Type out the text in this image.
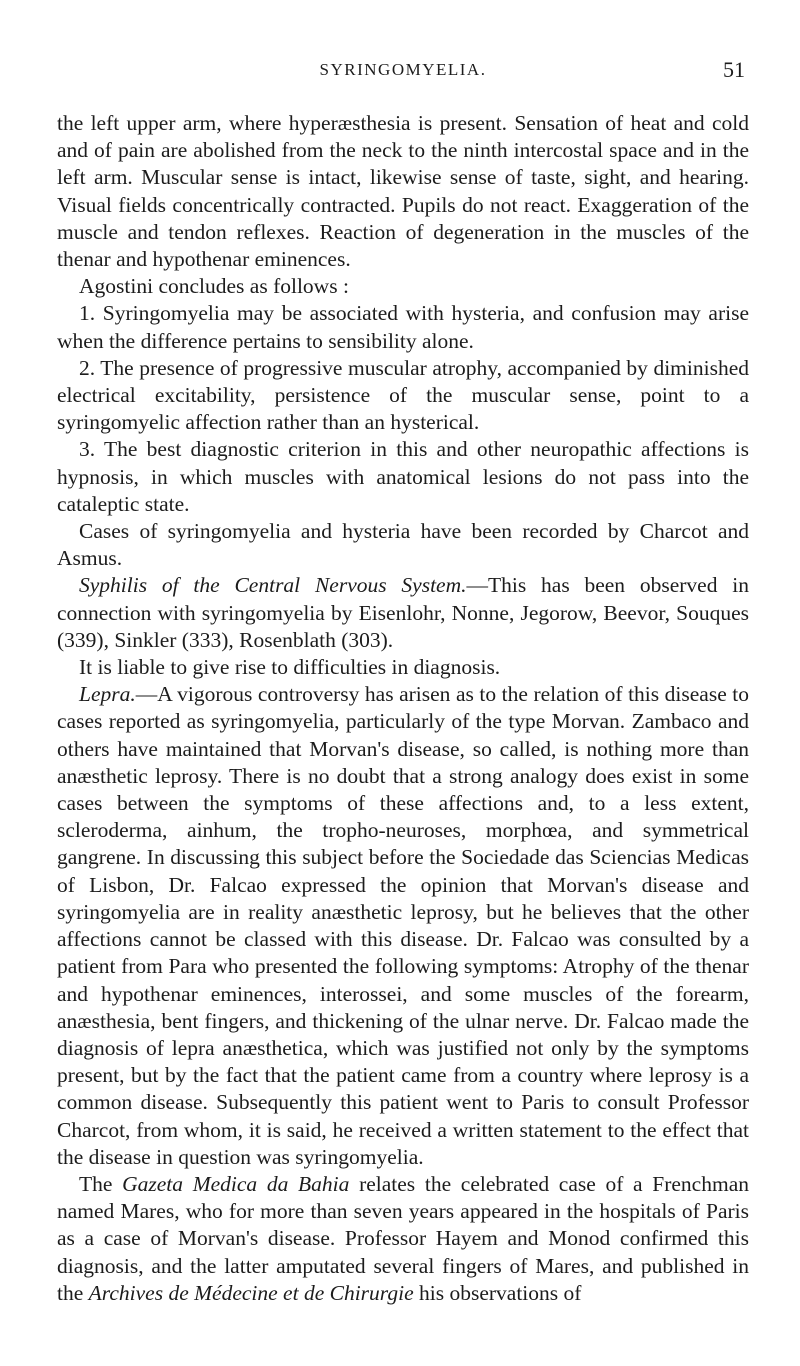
SYRINGOMYELIA.	51

the left upper arm, where hyperæsthesia is present. Sensation of heat and cold and of pain are abolished from the neck to the ninth intercostal space and in the left arm. Muscular sense is intact, likewise sense of taste, sight, and hearing. Visual fields concentrically contracted. Pupils do not react. Exaggeration of the muscle and tendon reflexes. Reaction of degeneration in the muscles of the thenar and hypothenar eminences.

Agostini concludes as follows :

1. Syringomyelia may be associated with hysteria, and confusion may arise when the difference pertains to sensibility alone.

2. The presence of progressive muscular atrophy, accompanied by diminished electrical excitability, persistence of the muscular sense, point to a syringomyelic affection rather than an hysterical.

3. The best diagnostic criterion in this and other neuropathic affections is hypnosis, in which muscles with anatomical lesions do not pass into the cataleptic state.

Cases of syringomyelia and hysteria have been recorded by Charcot and Asmus.

Syphilis of the Central Nervous System.—This has been observed in connection with syringomyelia by Eisenlohr, Nonne, Jegorow, Beevor, Souques (339), Sinkler (333), Rosenblath (303).

It is liable to give rise to difficulties in diagnosis.

Lepra.—A vigorous controversy has arisen as to the relation of this disease to cases reported as syringomyelia, particularly of the type Morvan. Zambaco and others have maintained that Morvan's disease, so called, is nothing more than anæsthetic leprosy. There is no doubt that a strong analogy does exist in some cases between the symptoms of these affections and, to a less extent, scleroderma, ainhum, the tropho-neuroses, morphœa, and symmetrical gangrene. In discussing this subject before the Sociedade das Sciencias Medicas of Lisbon, Dr. Falcao expressed the opinion that Morvan's disease and syringomyelia are in reality anæsthetic leprosy, but he believes that the other affections cannot be classed with this disease. Dr. Falcao was consulted by a patient from Para who presented the following symptoms: Atrophy of the thenar and hypothenar eminences, interossei, and some muscles of the forearm, anæsthesia, bent fingers, and thickening of the ulnar nerve. Dr. Falcao made the diagnosis of lepra anæsthetica, which was justified not only by the symptoms present, but by the fact that the patient came from a country where leprosy is a common disease. Subsequently this patient went to Paris to consult Professor Charcot, from whom, it is said, he received a written statement to the effect that the disease in question was syringomyelia.

The Gazeta Medica da Bahia relates the celebrated case of a Frenchman named Mares, who for more than seven years appeared in the hospitals of Paris as a case of Morvan's disease. Professor Hayem and Monod confirmed this diagnosis, and the latter amputated several fingers of Mares, and published in the Archives de Médecine et de Chirurgie his observations of
